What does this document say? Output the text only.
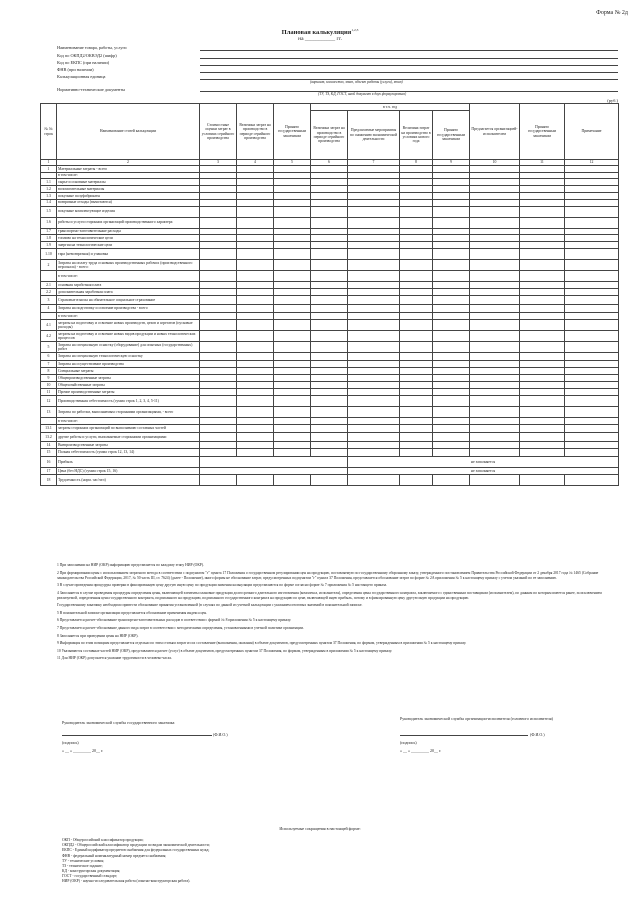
Форма № 2д
Плановая калькуляция$^{1,2,3}$
на ___________ гг.
Наименование товара, работы, услуги
Код по ОКПД2/ОКВЭД2 (шифр)
Код по ЕКПС (при наличии)
ФНВ (при наличии)
Калькуляционная единица
(вариант, количество, этап, объект работы (услуги), этап)
Нормативно-технические документы
(ТУ, ТЗ, КД, ГОСТ, иной документ в двух формулировках)
(руб.)
№ № строк	Наименование статей калькуляции	Стоимостные оценки затрат в условиях серийного производства	Величина затрат на производство в периоде серийного производства	Принято государственным заказчиком	в т.ч. год				Предлагается организацией-исполнителем	Принято государственным заказчиком	Примечание
					Величина затрат на производство в периоде серийного производства	Предлагаемые мероприятия по снижению экономической деятельности	Величина затрат на производство в условиях нового года	Принято государственным заказчиком			
1	2	3	4	5	6	7	8	9	10	11	12
1	Материальные затраты - всего										
	в том числе:										
1.1	сырье и основные материалы										
1.2	вспомогательные материалы										
1.3	покупные полуфабрикаты										
1.4	возвратные отходы (вычитаются)										
1.5	покупные комплектующие изделия										
1.6	работы и услуги сторонних организаций производственного характера										
1.7	транспортно-заготовительные расходы										
1.8	топливо на технологические цели										
1.9	энергия на технологические цели										
1.10	тара (невозвратная) и упаковка										
2	Затраты на оплату труда основных производственных рабочих (производственного персонала) - всего:										
	в том числе:										
2.1	основная заработная плата										
2.2	дополнительная заработная плата										
3	Страховые взносы на обязательное социальное страхование										
4	Затраты на подготовку и освоение производства - всего										
	в том числе:										
4.1	затраты на подготовку и освоение новых производств, цехов и агрегатов (пусковые расходы)										
4.2	затраты на подготовку и освоение новых видов продукции и новых технологических процессов										
5	Затраты на специальную оснастку (оборудование) для опытных (государственных) работ										
6	Затраты на специальную технологическую оснастку										
7	Затраты на осуществление производства										
8	Специальные затраты										
9	Общепроизводственные затраты										
10	Общехозяйственные затраты										
11	Прочие производственные затраты										
12	Производственная себестоимость (сумма строк 1, 2, 3, 4, 5-11)										
13	Затраты по работам, выполняемым сторонними организациями, - всего										
	в том числе:										
13.1	затраты сторонних организаций по выполнению составных частей										
13.2	другие работы и услуги, выполняемые сторонними организациями										
14	Внепроизводственные затраты										
15	Полная себестоимость (сумма строк 12, 13, 14)										
16	Прибыль					не заполняется					
17	Цена (без НДС) (сумма строк 15, 16)					не заполняется					
18	Трудоемкость (норм. час/чел)										

1 При заполнении на НИР (ОКР) информацию представляется по каждому этапу НИР (ОКР).

2 При формировании цены с использованием затратного метода в соответствии с подпунктом "г" пункта 17 Положения о государственном регулировании цен на продукцию, поставляемую по государственному оборонному заказу, утвержденного постановлением Правительства Российской Федерации от 2 декабря 2017 года № 1465 (Собрание законодательства Российской Федерации, 2017, № 50 часть III, ст. 7624) (далее - Положение), иного формы не обоснование затрат, предусмотренных подпунктом "г" пункта 37 Положения, представляется обоснование затрат по форме № 2А приложения № 5 к настоящему приказу с учетом указаний по ее заполнению.

3 В случае проведения процедуры проверки в фиксированную цену другую иную цену по продукции значения калькуляции представляются по форме согласно форме № 7 приложения № 5 настоящего приказа.

4 Заполняется в случае проведения процедуры определения цены, включающей элементы плановые продукции долгосрочного длительного изготовления (комплекса, исполнителя), определения цены государственного контракта, заключаемого с единственным поставщиком (исполнителем), по данным по которым имеется ранее, за исключением реализуемой, определенная цена государственного контракта, подписанного на продукцию, подписанного государственного контракта на продукцию по цене, включающей иную прибыль, потому и в фиксированную цену другую иную продукции на продукцию.

Государственному заказчику необходимо привести обоснование принятия установленной (в случаях по данной из учетной калькуляции с указанием итоговых значений в пояснительной записке.

5 В пояснительной записке организации представляется обоснование применения индекса цен.

6 Представляется расчет-обоснование транспортно-заготовительных расходов в соответствии с формой № 8 приложения № 5 к настоящему приказу.

7 Представляется расчет-обоснование данного вида затрат в соответствии с методическими определения, установленными в учетной политике организации.

8 Заполняется при проведении цены на НИР (ОКР).

9 Информация по этим позициям представляется отдельно по этим статьям затрат из их составление (выполнения, оказания) в объеме документов, предусмотренных пунктом 37 Положения, по формам, утвержденным в приложении № 5 к настоящему приказу.

10 Указываются составные частей НИР (ОКР), представляются расчет (услуг) в объеме документов, предусмотренных пунктом 37 Положения, по формам, утвержденным в приложении № 5 к настоящему приказу.

11 Для НИР (ОКР) допускается указание трудоемкости в человеко-часах.

Руководитель экономической службы государственного заказчика
(Ф.И.О.)
(подпись)
« __ » _________ 20__ г.
Руководитель экономической службы организации-исполнителя (головного исполнителя)
(Ф.И.О.)
(подпись)
« __ » _________ 20__ г.
Используемые сокращения в настоящей форме:
ОКП - Общероссийский классификатор продукции;
ОКПД2 - Общероссийский классификатор продукции по видам экономической деятельности;
ЕКПС - Единый кодификатор предметов снабжения для федеральных государственных нужд;
ФНВ - федеральный номенклатурный номер предмета снабжения;
ТУ - технические условия;
ТЗ - техническое задание;
КД - конструкторская документация;
ГОСТ - государственный стандарт;
НИР (ОКР) - научно-исследовательская работа (опытно-конструкторская работа).
